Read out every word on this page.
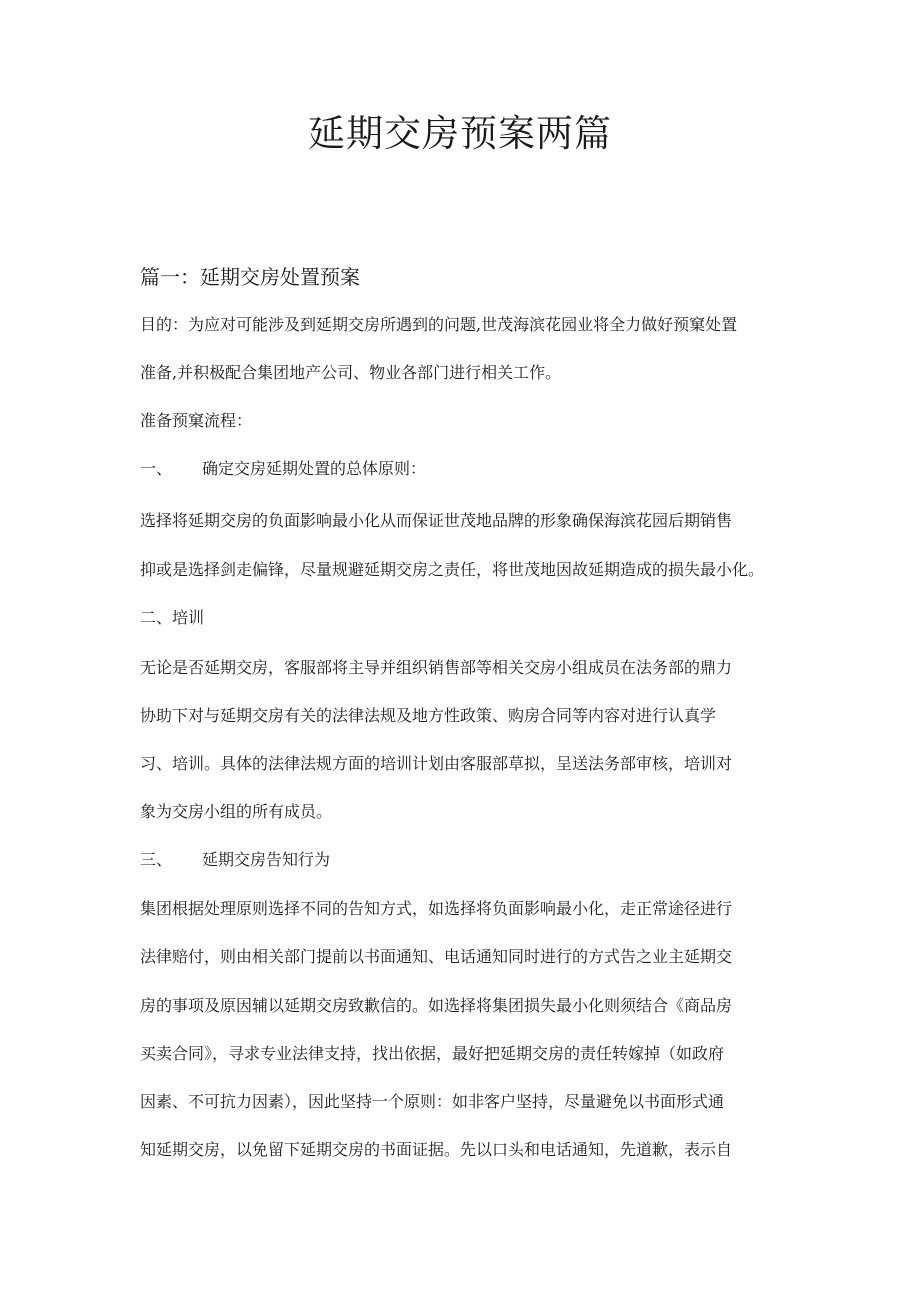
延期交房预案两篇
篇一：延期交房处置预案

目的：为应对可能涉及到延期交房所遇到的问题,世茂海滨花园业将全力做好预窠处置

准备,并积极配合集团地产公司、物业各部门进行相关工作。

准备预窠流程：

一、 确定交房延期处置的总体原则：

选择将延期交房的负面影响最小化从而保证世茂地品牌的形象确保海滨花园后期销售

抑或是选择剑走偏锋，尽量规避延期交房之责任，将世茂地因故延期造成的损失最小化。

二、培训

无论是否延期交房，客服部将主导并组织销售部等相关交房小组成员在法务部的鼎力

协助下对与延期交房有关的法律法规及地方性政策、购房合同等内容对进行认真学

习、培训。具体的法律法规方面的培训计划由客服部草拟，呈送法务部审核，培训对

象为交房小组的所有成员。

三、 延期交房告知行为

集团根据处理原则选择不同的告知方式，如选择将负面影响最小化，走正常途径进行

法律赔付，则由相关部门提前以书面通知、电话通知同时进行的方式告之业主延期交

房的事项及原因辅以延期交房致歉信的。如选择将集团损失最小化则须结合《商品房

买卖合同》，寻求专业法律支持，找出依据，最好把延期交房的责任转嫁掉（如政府

因素、不可抗力因素），因此坚持一个原则：如非客户坚持，尽量避免以书面形式通

知延期交房，以免留下延期交房的书面证据。先以口头和电话通知，先道歉，表示自
